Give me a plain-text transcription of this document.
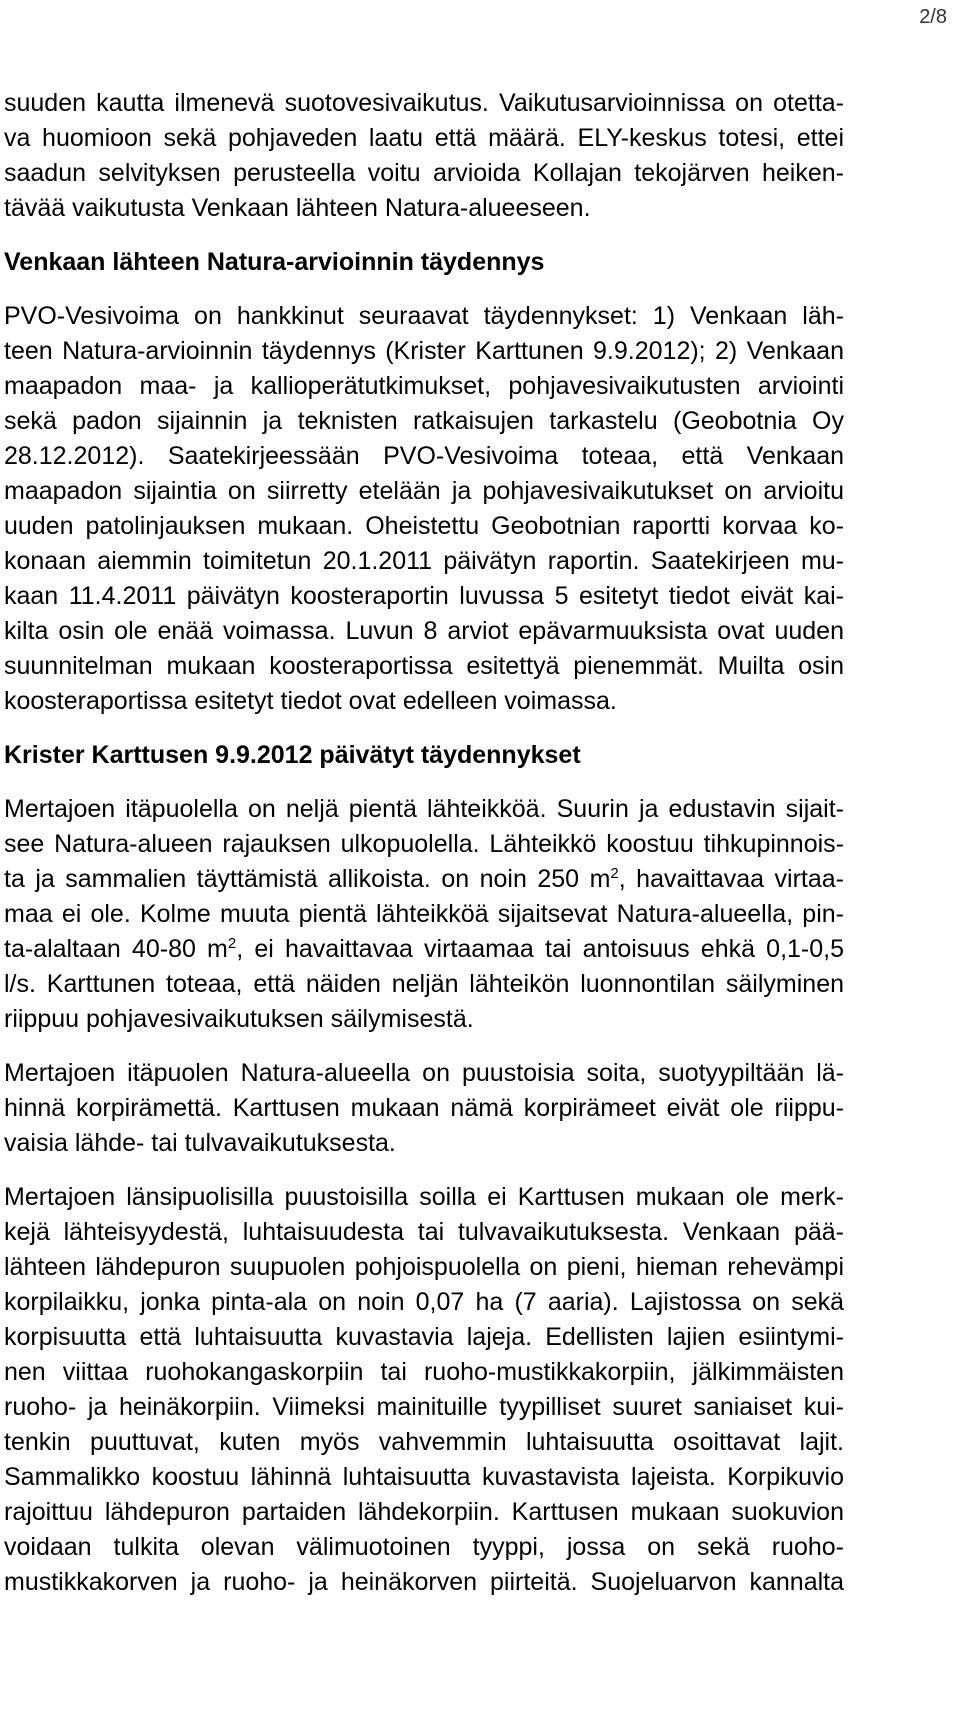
2/8
suuden kautta ilmenevä suotovesivaikutus. Vaikutusarvioinnissa on otetta-
va huomioon sekä pohjaveden laatu että määrä. ELY-keskus totesi, ettei
saadun selvityksen perusteella voitu arvioida Kollajan tekojärven heiken-
tävää vaikutusta Venkaan lähteen Natura-alueeseen.
Venkaan lähteen Natura-arvioinnin täydennys
PVO-Vesivoima on hankkinut seuraavat täydennykset: 1) Venkaan läh-
teen Natura-arvioinnin täydennys (Krister Karttunen 9.9.2012); 2) Venkaan
maapadon maa- ja kallioperätutkimukset, pohjavesivaikutusten arviointi
sekä padon sijainnin ja teknisten ratkaisujen tarkastelu (Geobotnia Oy
28.12.2012). Saatekirjeessään PVO-Vesivoima toteaa, että Venkaan
maapadon sijaintia on siirretty etelään ja pohjavesivaikutukset on arvioitu
uuden patolinjauksen mukaan. Oheistettu Geobotnian raportti korvaa ko-
konaan aiemmin toimitetun 20.1.2011 päivätyn raportin. Saatekirjeen mu-
kaan 11.4.2011 päivätyn koosteraportin luvussa 5 esitetyt tiedot eivät kai-
kilta osin ole enää voimassa. Luvun 8 arviot epävarmuuksista ovat uuden
suunnitelman mukaan koosteraportissa esitettyä pienemmät. Muilta osin
koosteraportissa esitetyt tiedot ovat edelleen voimassa.
Krister Karttusen 9.9.2012 päivätyt täydennykset
Mertajoen itäpuolella on neljä pientä lähteikköä. Suurin ja edustavin sijait-
see Natura-alueen rajauksen ulkopuolella. Lähteikkö koostuu tihkupinnois-
ta ja sammalien täyttämistä allikoista. on noin 250 $m^2$, havaittavaa virtaa-
maa ei ole. Kolme muuta pientä lähteikköä sijaitsevat Natura-alueella, pin-
ta-alaltaan 40-80 $m^2$, ei havaittavaa virtaamaa tai antoisuus ehkä 0,1-0,5
l/s. Karttunen toteaa, että näiden neljän lähteikön luonnontilan säilyminen
riippuu pohjavesivaikutuksen säilymisestä.
Mertajoen itäpuolen Natura-alueella on puustoisia soita, suotyypiltään lä-
hinnä korpirämettä. Karttusen mukaan nämä korpirämeet eivät ole riippu-
vaisia lähde- tai tulvavaikutuksesta.
Mertajoen länsipuolisilla puustoisilla soilla ei Karttusen mukaan ole merk-
kejä lähteisyydestä, luhtaisuudesta tai tulvavaikutuksesta. Venkaan pää-
lähteen lähdepuron suupuolen pohjoispuolella on pieni, hieman rehevämpi
korpilaikku, jonka pinta-ala on noin 0,07 ha (7 aaria). Lajistossa on sekä
korpisuutta että luhtaisuutta kuvastavia lajeja. Edellisten lajien esiintymi-
nen viittaa ruohokangaskorpiin tai ruoho-mustikkakorpiin, jälkimmäisten
ruoho- ja heinäkorpiin. Viimeksi mainituille tyypilliset suuret saniaiset kui-
tenkin puuttuvat, kuten myös vahvemmin luhtaisuutta osoittavat lajit.
Sammalikko koostuu lähinnä luhtaisuutta kuvastavista lajeista. Korpikuvio
rajoittuu lähdepuron partaiden lähdekorpiin. Karttusen mukaan suokuvion
voidaan tulkita olevan välimuotoinen tyyppi, jossa on sekä ruoho-
mustikkakorven ja ruoho- ja heinäkorven piirteitä. Suojeluarvon kannalta
